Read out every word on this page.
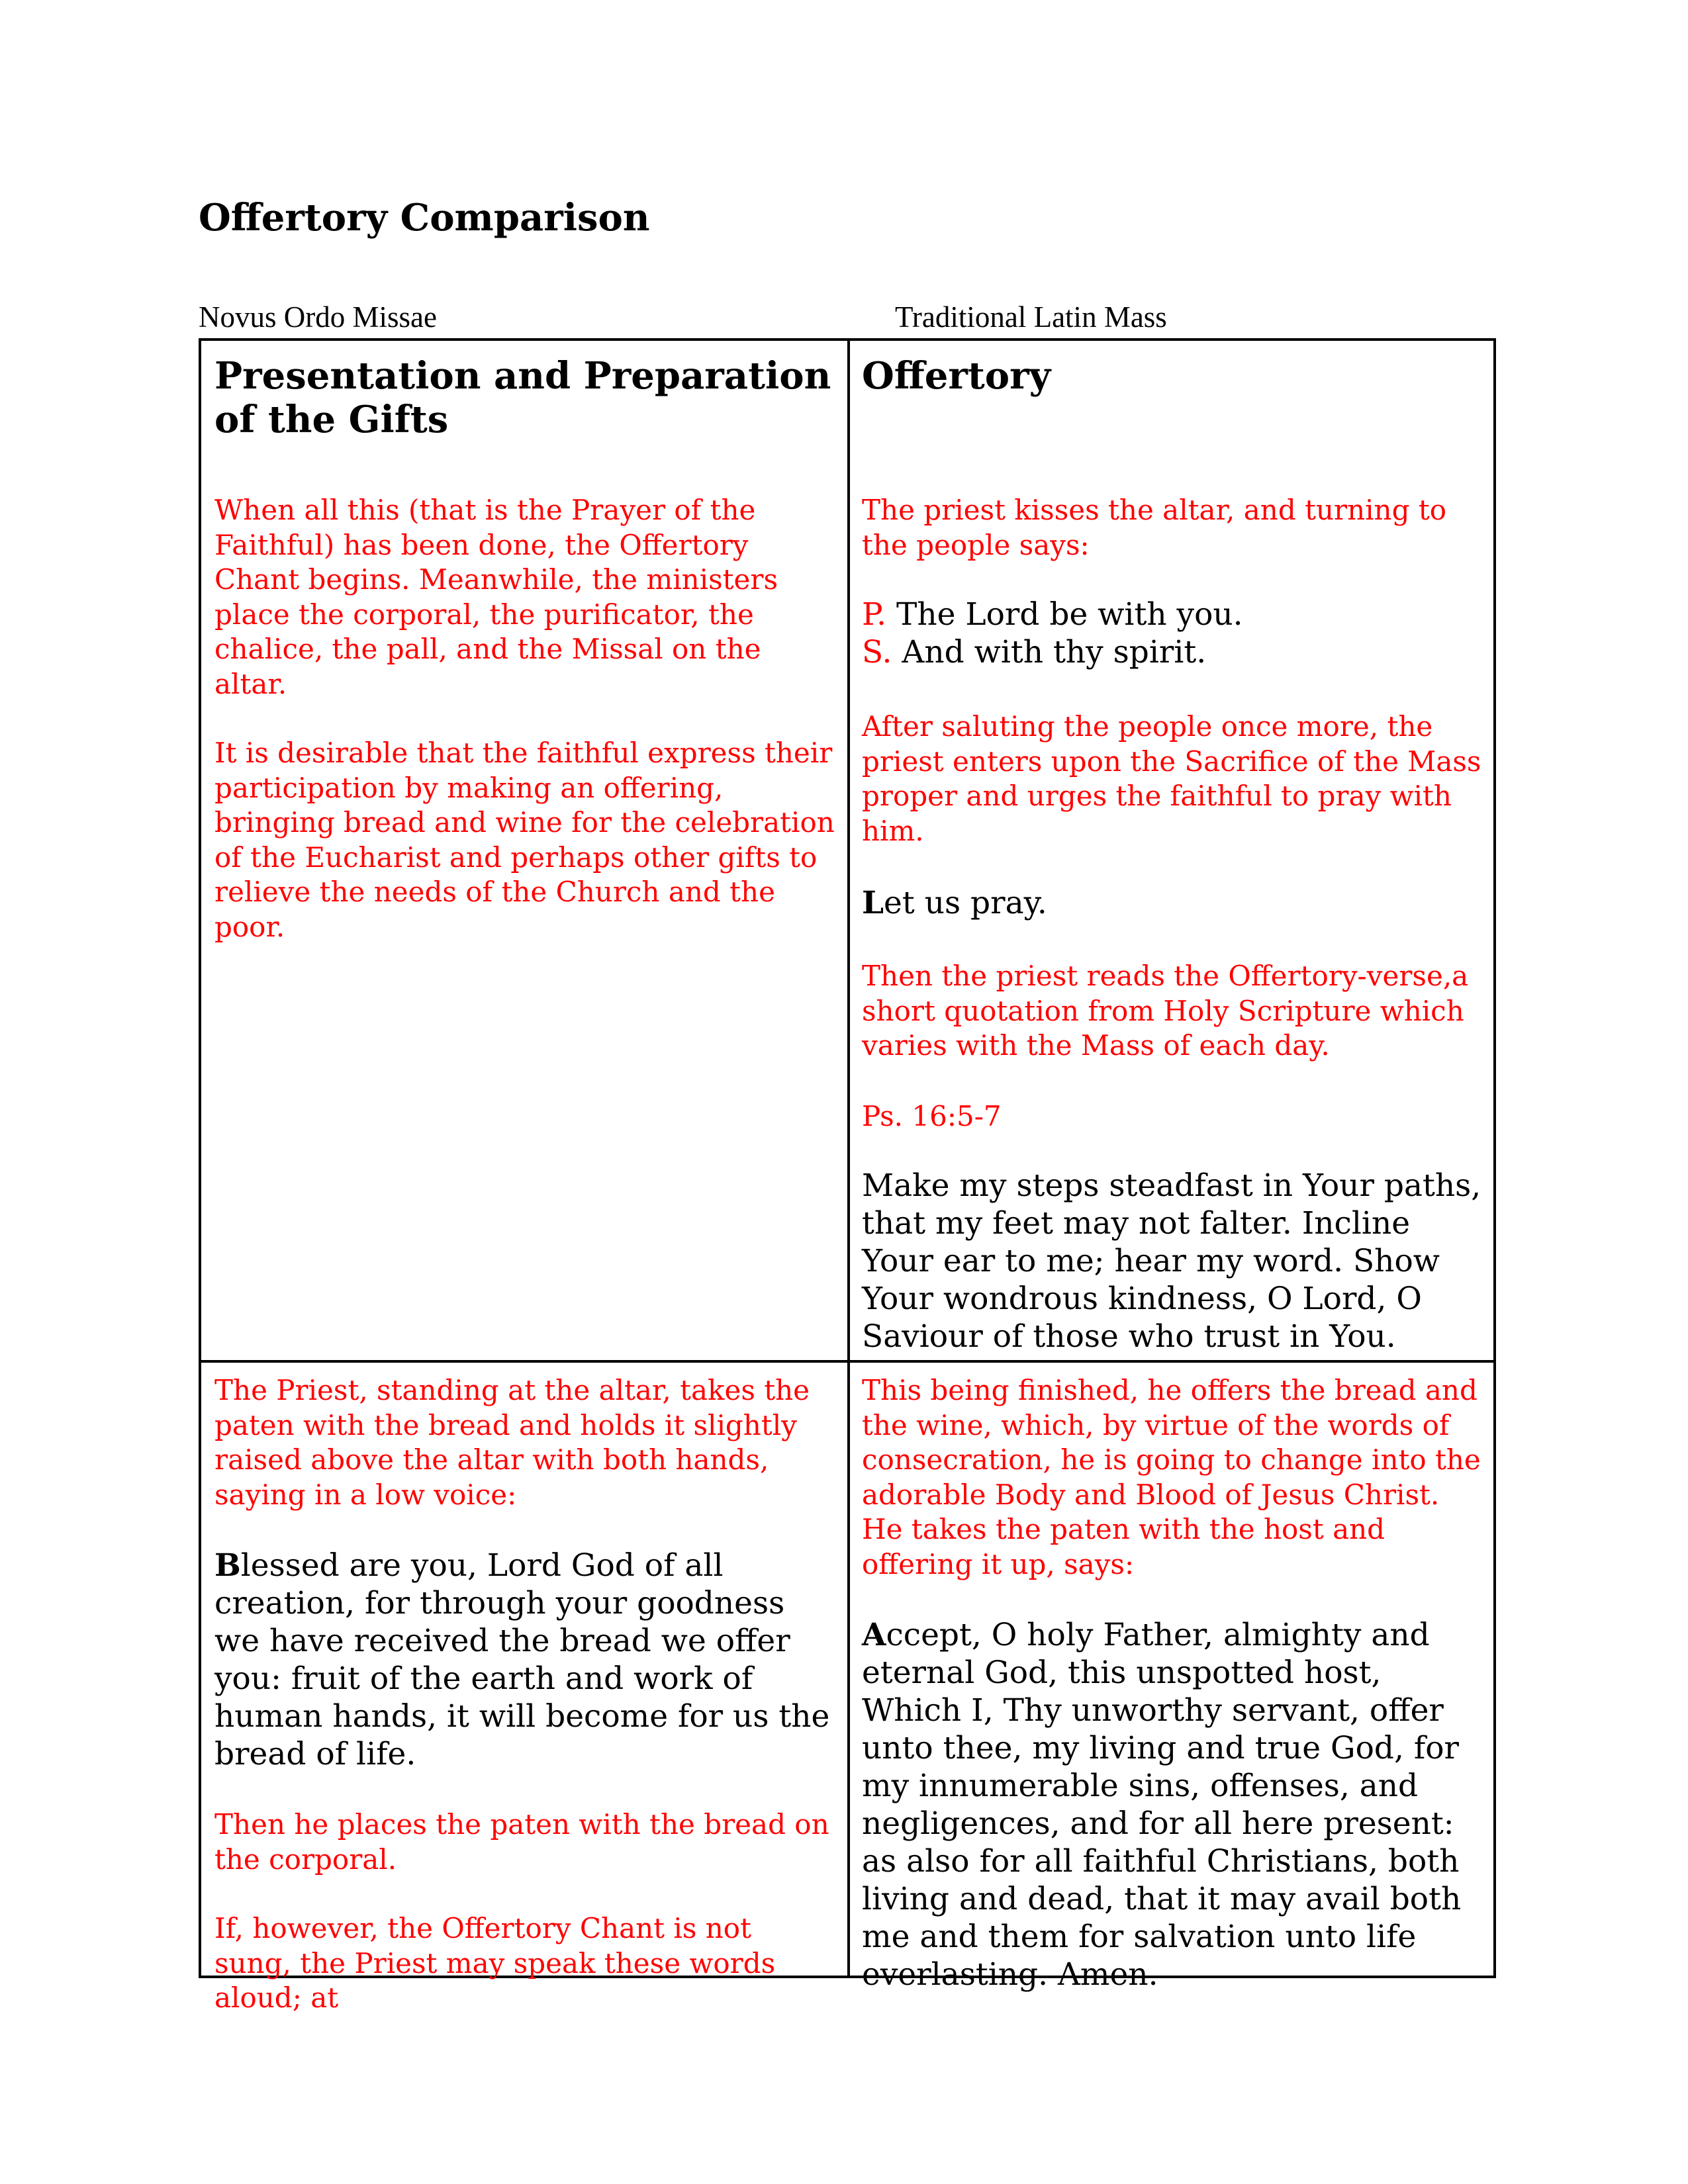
Offertory Comparison
Novus Ordo Missae	Traditional Latin Mass
Presentation and Preparation of the Gifts

When all this (that is the Prayer of the Faithful) has been done, the Offertory Chant begins. Meanwhile, the ministers place the corporal, the purificator, the chalice, the pall, and the Missal on the altar.

It is desirable that the faithful express their participation by making an offering, bringing bread and wine for the celebration of the Eucharist and perhaps other gifts to relieve the needs of the Church and the poor.

Offertory

The priest kisses the altar, and turning to the people says:

P. The Lord be with you.

S. And with thy spirit.

After saluting the people once more, the priest enters upon the Sacrifice of the Mass proper and urges the faithful to pray with him.

Let us pray.

Then the priest reads the Offertory-verse,a short quotation from Holy Scripture which varies with the Mass of each day.

Ps. 16:5-7

Make my steps steadfast in Your paths, that my feet may not falter. Incline Your ear to me; hear my word. Show Your wondrous kindness, O Lord, O Saviour of those who trust in You.

The Priest, standing at the altar, takes the paten with the bread and holds it slightly raised above the altar with both hands, saying in a low voice:

Blessed are you, Lord God of all creation, for through your goodness we have received the bread we offer you: fruit of the earth and work of human hands, it will become for us the bread of life.

Then he places the paten with the bread on the corporal.

If, however, the Offertory Chant is not sung, the Priest may speak these words aloud; at

This being finished, he offers the bread and the wine, which, by virtue of the words of consecration, he is going to change into the adorable Body and Blood of Jesus Christ. He takes the paten with the host and offering it up, says:

Accept, O holy Father, almighty and eternal God, this unspotted host, Which I, Thy unworthy servant, offer unto thee, my living and true God, for my innumerable sins, offenses, and negligences, and for all here present: as also for all faithful Christians, both living and dead, that it may avail both me and them for salvation unto life everlasting. Amen.
